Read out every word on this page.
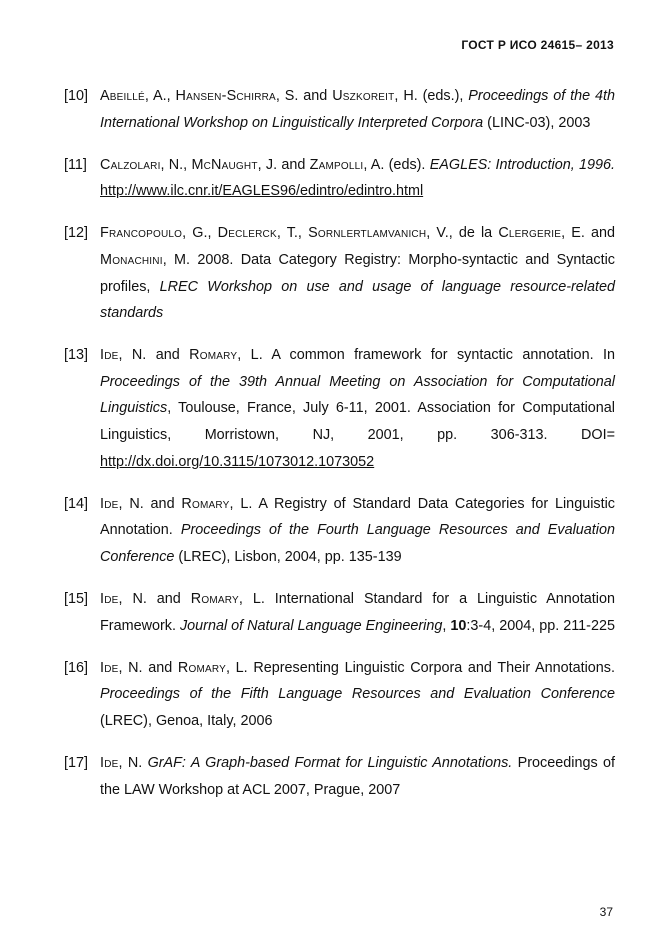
ГОСТ Р ИСО 24615– 2013
[10] Abeillé, A., Hansen-Schirra, S. and Uszkoreit, H. (eds.), Proceedings of the 4th International Workshop on Linguistically Interpreted Corpora (LINC-03), 2003
[11] Calzolari, N., McNaught, J. and Zampolli, A. (eds). EAGLES: Introduction, 1996. http://www.ilc.cnr.it/EAGLES96/edintro/edintro.html
[12] Francopoulo, G., Declerck, T., Sornlertlamvanich, V., de la Clergerie, E. and Monachini, M. 2008. Data Category Registry: Morpho-syntactic and Syntactic profiles, LREC Workshop on use and usage of language resource-related standards
[13] Ide, N. and Romary, L. A common framework for syntactic annotation. In Proceedings of the 39th Annual Meeting on Association for Computational Linguistics, Toulouse, France, July 6-11, 2001. Association for Computational Linguistics, Morristown, NJ, 2001, pp. 306-313. DOI= http://dx.doi.org/10.3115/1073012.1073052
[14] Ide, N. and Romary, L. A Registry of Standard Data Categories for Linguistic Annotation. Proceedings of the Fourth Language Resources and Evaluation Conference (LREC), Lisbon, 2004, pp. 135-139
[15] Ide, N. and Romary, L. International Standard for a Linguistic Annotation Framework. Journal of Natural Language Engineering, 10:3-4, 2004, pp. 211-225
[16] Ide, N. and Romary, L. Representing Linguistic Corpora and Their Annotations. Proceedings of the Fifth Language Resources and Evaluation Conference (LREC), Genoa, Italy, 2006
[17] Ide, N. GrAF: A Graph-based Format for Linguistic Annotations. Proceedings of the LAW Workshop at ACL 2007, Prague, 2007
37
